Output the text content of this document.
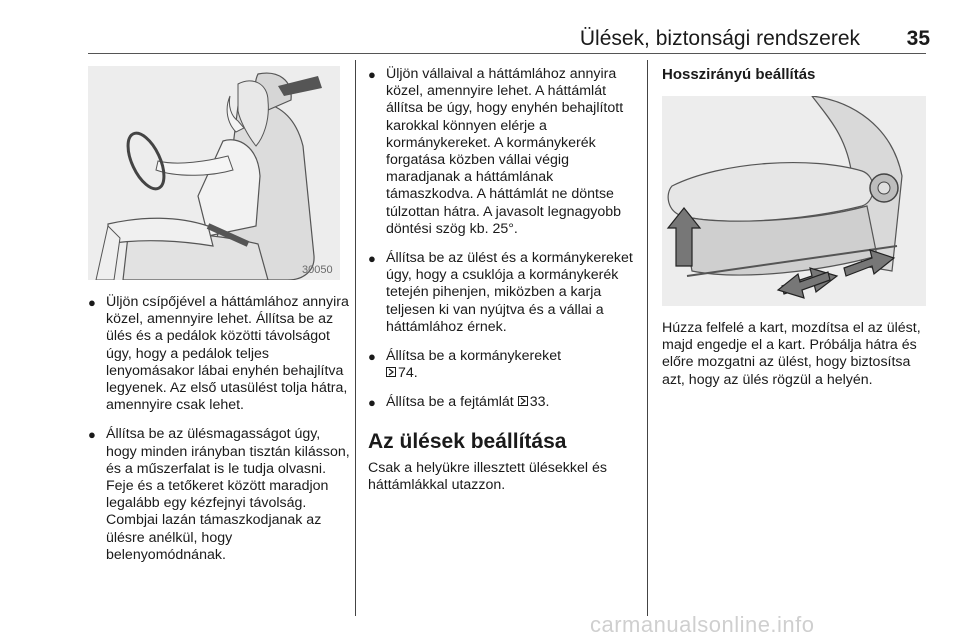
Ülések, biztonsági rendszerek	35
30050
● Üljön csípőjével a háttámlához annyira közel, amennyire lehet. Állítsa be az ülés és a pedálok közötti távolságot úgy, hogy a pedálok teljes lenyomásakor lábai enyhén behajlítva legyenek. Az első utasülést tolja hátra, amennyire csak lehet.
● Állítsa be az ülésmagasságot úgy, hogy minden irányban tisztán kilásson, és a műszerfalat is le tudja olvasni. Feje és a tetőkeret között maradjon legalább egy kézfejnyi távolság. Combjai lazán támaszkodjanak az ülésre anélkül, hogy belenyomódnának.
● Üljön vállaival a háttámlához annyira közel, amennyire lehet. A háttámlát állítsa be úgy, hogy enyhén behajlított karokkal könnyen elérje a kormánykereket. A kormánykerék forgatása közben vállai végig maradjanak a háttámlának támaszkodva. A háttámlát ne döntse túlzottan hátra. A javasolt legnagyobb döntési szög kb. 25°.
● Állítsa be az ülést és a kormánykereket úgy, hogy a csuklója a kormánykerék tetején pihenjen, miközben a karja teljesen ki van nyújtva és a vállai a háttámlához érnek.
● Állítsa be a kormánykereket
74.
● Állítsa be a fejtámlát 33.
Az ülések beállítása
Csak a helyükre illesztett ülésekkel és háttámlákkal utazzon.
Hosszirányú beállítás
Húzza felfelé a kart, mozdítsa el az ülést, majd engedje el a kart. Próbálja hátra és előre mozgatni az ülést, hogy biztosítsa azt, hogy az ülés rögzül a helyén.
carmanualsonline.info
